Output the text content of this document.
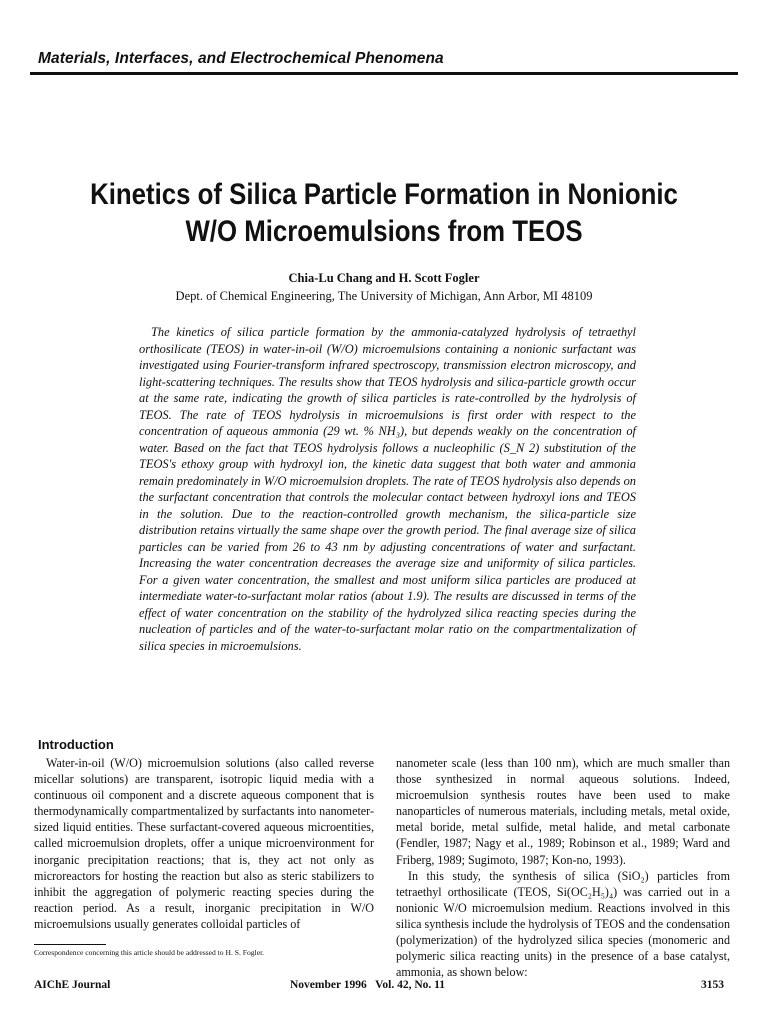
Materials, Interfaces, and Electrochemical Phenomena
Kinetics of Silica Particle Formation in Nonionic
W/O Microemulsions from TEOS
Chia-Lu Chang and H. Scott Fogler
Dept. of Chemical Engineering, The University of Michigan, Ann Arbor, MI 48109

The kinetics of silica particle formation by the ammonia-catalyzed hydrolysis of tetraethyl orthosilicate (TEOS) in water-in-oil (W/O) microemulsions containing a nonionic surfactant was investigated using Fourier-transform infrared spectroscopy, transmission electron microscopy, and light-scattering techniques. The results show that TEOS hydrolysis and silica-particle growth occur at the same rate, indicating the growth of silica particles is rate-controlled by the hydrolysis of TEOS. The rate of TEOS hydrolysis in microemulsions is first order with respect to the concentration of aqueous ammonia (29 wt. % NH₃), but depends weakly on the concentration of water. Based on the fact that TEOS hydrolysis follows a nucleophilic (S_N 2) substitution of the TEOS's ethoxy group with hydroxyl ion, the kinetic data suggest that both water and ammonia remain predominately in W/O microemulsion droplets. The rate of TEOS hydrolysis also depends on the surfactant concentration that controls the molecular contact between hydroxyl ions and TEOS in the solution. Due to the reaction-controlled growth mechanism, the silica-particle size distribution retains virtually the same shape over the growth period. The final average size of silica particles can be varied from 26 to 43 nm by adjusting concentrations of water and surfactant. Increasing the water concentration decreases the average size and uniformity of silica particles. For a given water concentration, the smallest and most uniform silica particles are produced at intermediate water-to-surfactant molar ratios (about 1.9). The results are discussed in terms of the effect of water concentration on the stability of the hydrolyzed silica reacting species during the nucleation of particles and of the water-to-surfactant molar ratio on the compartmentalization of silica species in microemulsions.

Introduction

Water-in-oil (W/O) microemulsion solutions (also called reverse micellar solutions) are transparent, isotropic liquid media with a continuous oil component and a discrete aqueous component that is thermodynamically compartmentalized by surfactants into nanometer-sized liquid entities. These surfactant-covered aqueous microentities, called microemulsion droplets, offer a unique microenvironment for inorganic precipitation reactions; that is, they act not only as microreactors for hosting the reaction but also as steric stabilizers to inhibit the aggregation of polymeric reacting species during the reaction period. As a result, inorganic precipitation in W/O microemulsions usually generates colloidal particles of

nanometer scale (less than 100 nm), which are much smaller than those synthesized in normal aqueous solutions. Indeed, microemulsion synthesis routes have been used to make nanoparticles of numerous materials, including metals, metal oxide, metal boride, metal sulfide, metal halide, and metal carbonate (Fendler, 1987; Nagy et al., 1989; Robinson et al., 1989; Ward and Friberg, 1989; Sugimoto, 1987; Kon-no, 1993).

In this study, the synthesis of silica (SiO₂) particles from tetraethyl orthosilicate (TEOS, Si(OC₂H₅)₄) was carried out in a nonionic W/O microemulsion medium. Reactions involved in this silica synthesis include the hydrolysis of TEOS and the condensation (polymerization) of the hydrolyzed silica species (monomeric and polymeric silica reacting units) in the presence of a base catalyst, ammonia, as shown below:

Correspondence concerning this article should be addressed to H. S. Fogler.
AIChE Journal	November 1996   Vol. 42, No. 11	3153
